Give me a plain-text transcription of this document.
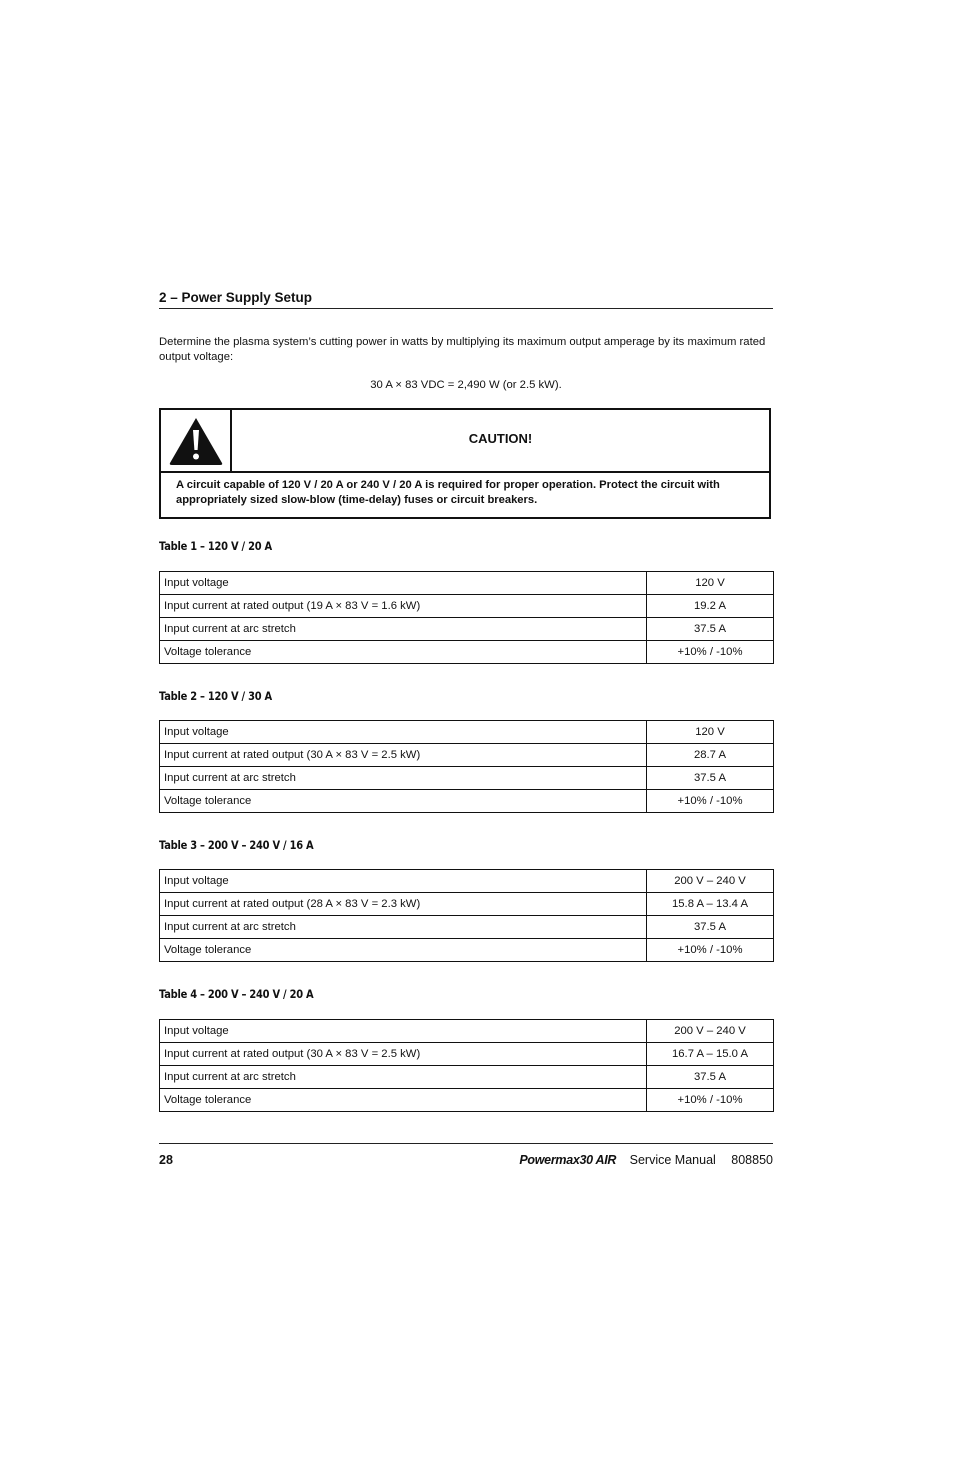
2 – Power Supply Setup
Determine the plasma system’s cutting power in watts by multiplying its maximum output amperage by its maximum rated output voltage:
30 A × 83 VDC = 2,490 W (or 2.5 kW).
CAUTION!
A circuit capable of 120 V / 20 A or 240 V / 20 A is required for proper operation. Protect the circuit with appropriately sized slow-blow (time-delay) fuses or circuit breakers.
Table 1 – 120 V / 20 A
Input voltage	120 V
Input current at rated output (19 A × 83 V = 1.6 kW)	19.2 A
Input current at arc stretch	37.5 A
Voltage tolerance	+10% / -10%
Table 2 – 120 V / 30 A
Input voltage	120 V
Input current at rated output (30 A × 83 V = 2.5 kW)	28.7 A
Input current at arc stretch	37.5 A
Voltage tolerance	+10% / -10%
Table 3 – 200 V – 240 V / 16 A
Input voltage	200 V – 240 V
Input current at rated output (28 A × 83 V = 2.3 kW)	15.8 A – 13.4 A
Input current at arc stretch	37.5 A
Voltage tolerance	+10% / -10%
Table 4 – 200 V – 240 V / 20 A
Input voltage	200 V – 240 V
Input current at rated output (30 A × 83 V = 2.5 kW)	16.7 A – 15.0 A
Input current at arc stretch	37.5 A
Voltage tolerance	+10% / -10%
28	Powermax30 AIR Service Manual 808850
